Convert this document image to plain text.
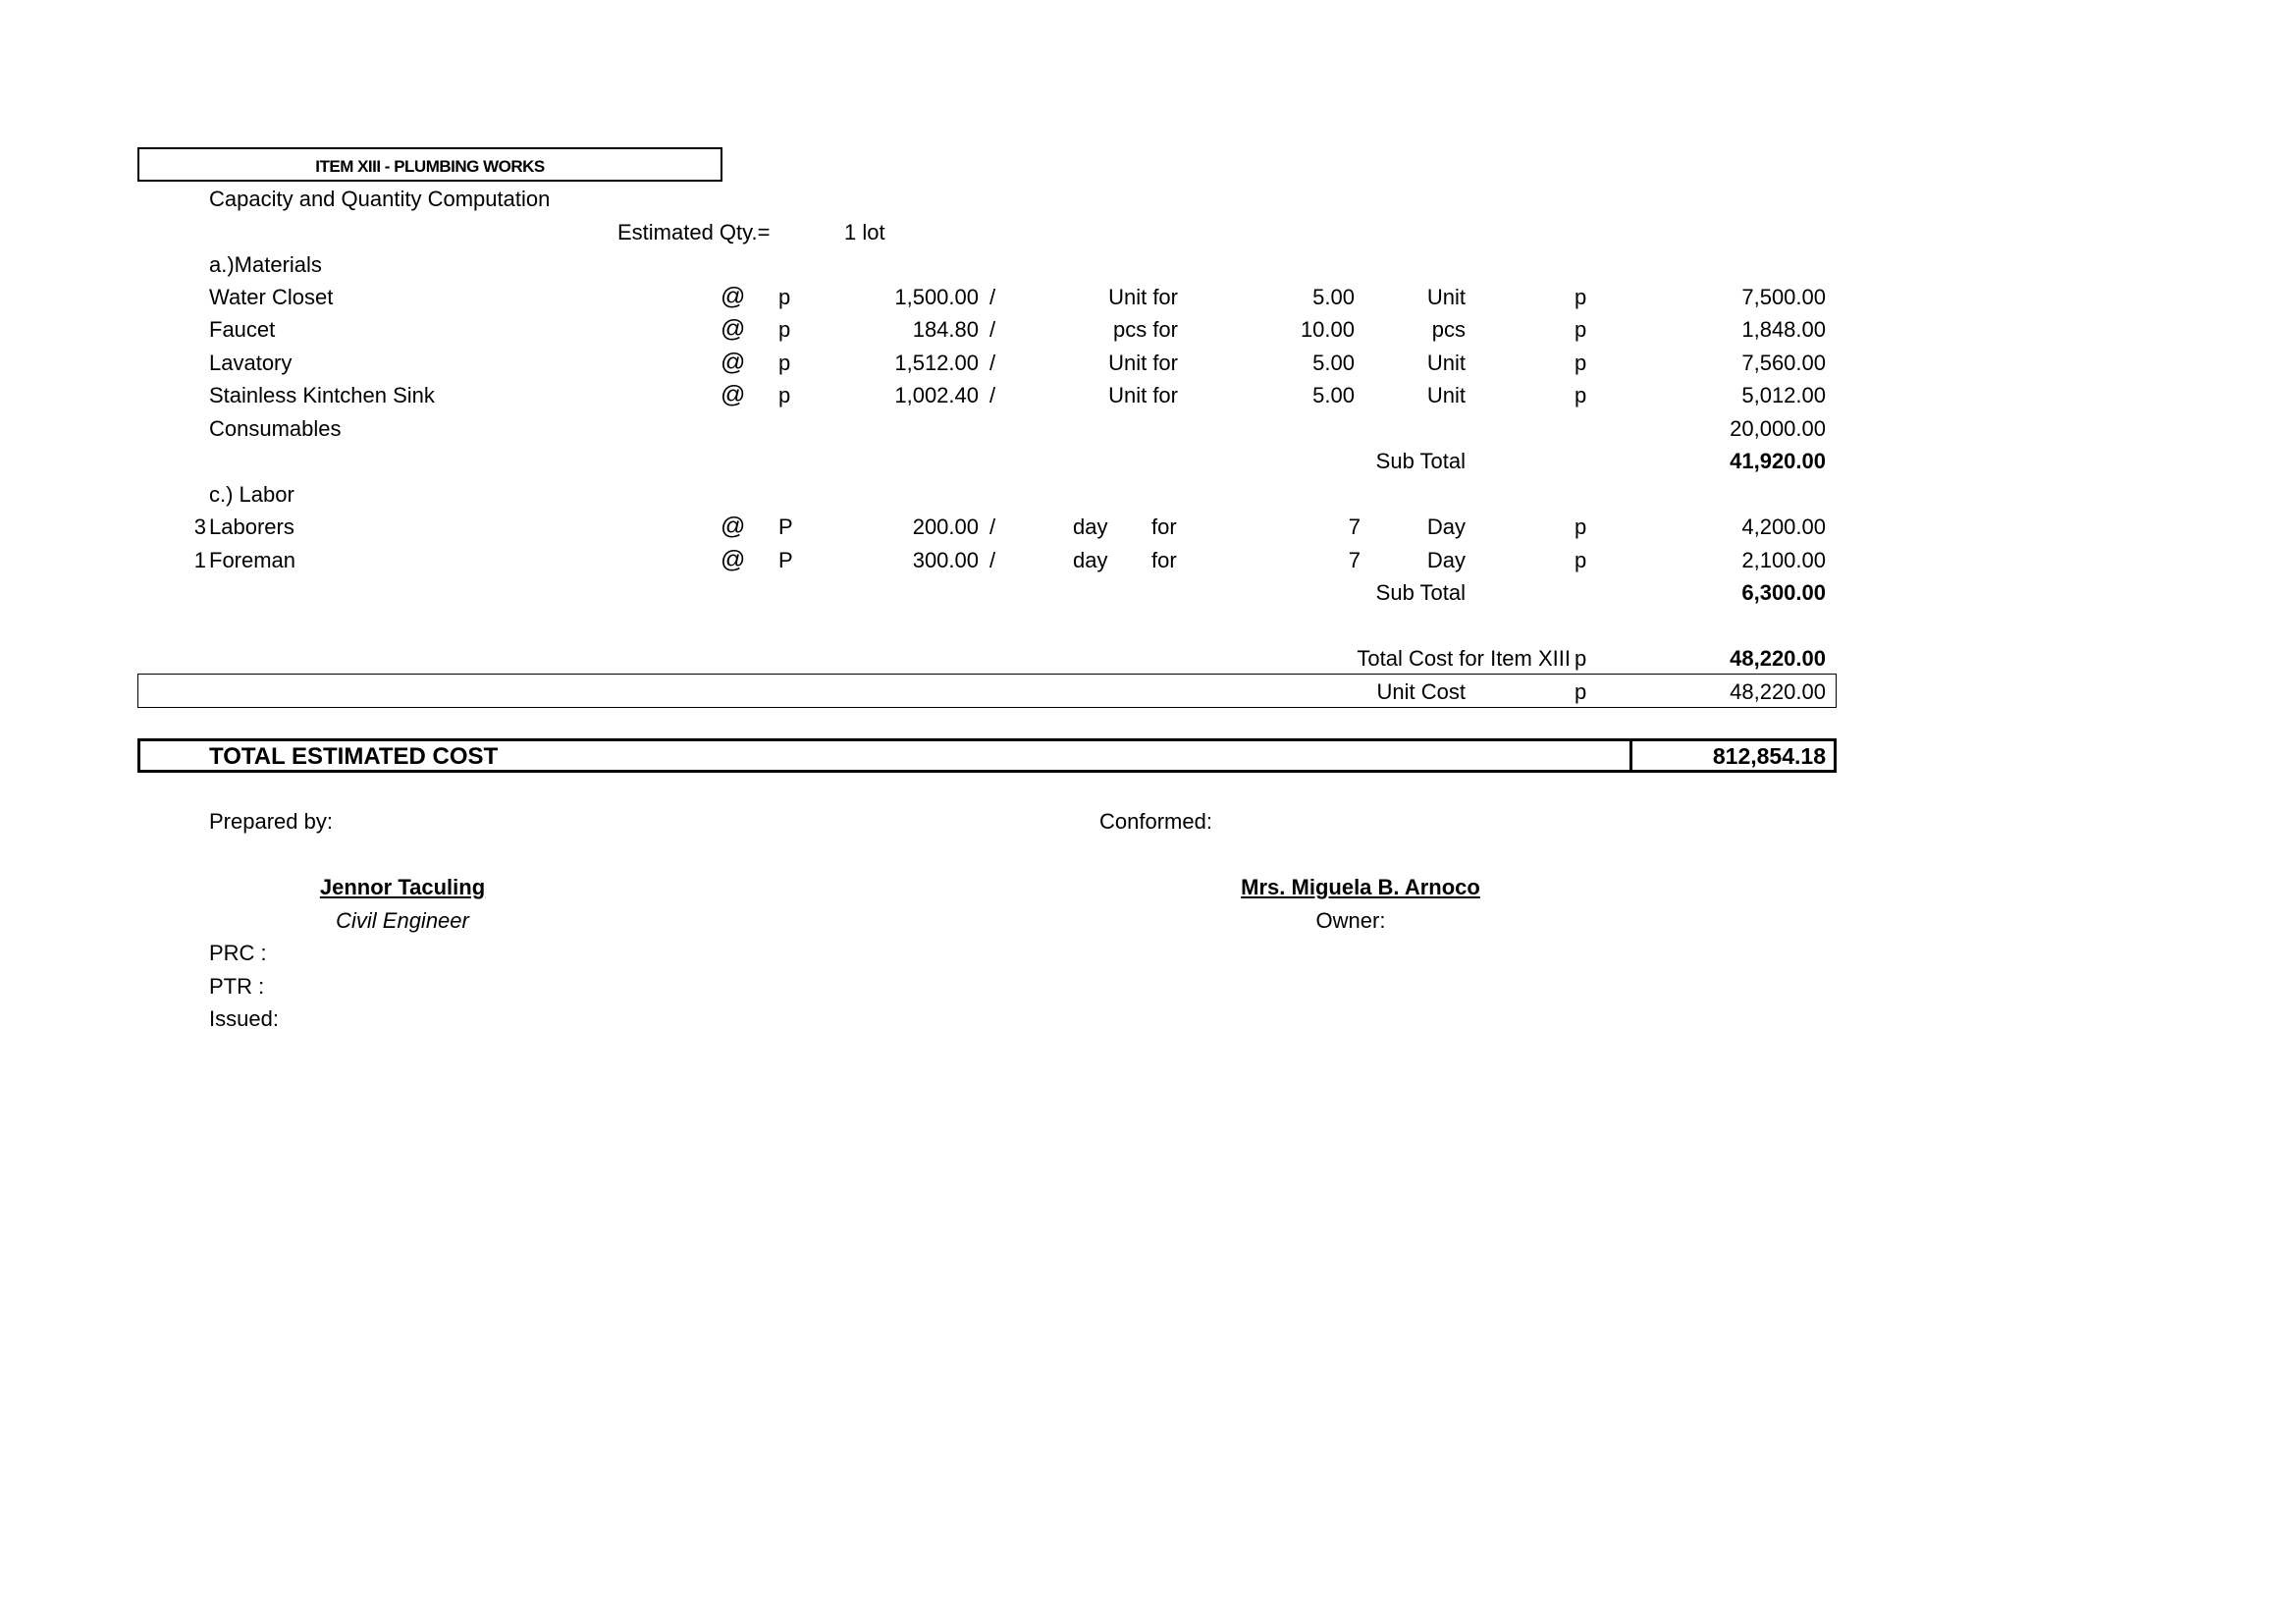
ITEM XIII - PLUMBING WORKS
Capacity and Quantity Computation
Estimated Qty.=	1 lot
a.)Materials
Water Closet	@ p	1,500.00 /	Unit for	5.00	Unit	p	7,500.00
Faucet	@ p	184.80 /	pcs for	10.00	pcs	p	1,848.00
Lavatory	@ p	1,512.00 /	Unit for	5.00	Unit	p	7,560.00
Stainless Kintchen Sink	@ p	1,002.40 /	Unit for	5.00	Unit	p	5,012.00
Consumables	20,000.00
Sub Total	41,920.00
c.) Labor
3 Laborers	@ P	200.00 /	day for	7	Day	p	4,200.00
1 Foreman	@ P	300.00 /	day for	7	Day	p	2,100.00
Sub Total	6,300.00
Total Cost for Item XIII p	48,220.00
Unit Cost	p	48,220.00
TOTAL ESTIMATED COST	812,854.18
Prepared by:	Conformed:
Jennor Taculing
Civil Engineer
Mrs. Miguela B. Arnoco
Owner:
PRC :
PTR :
Issued:
